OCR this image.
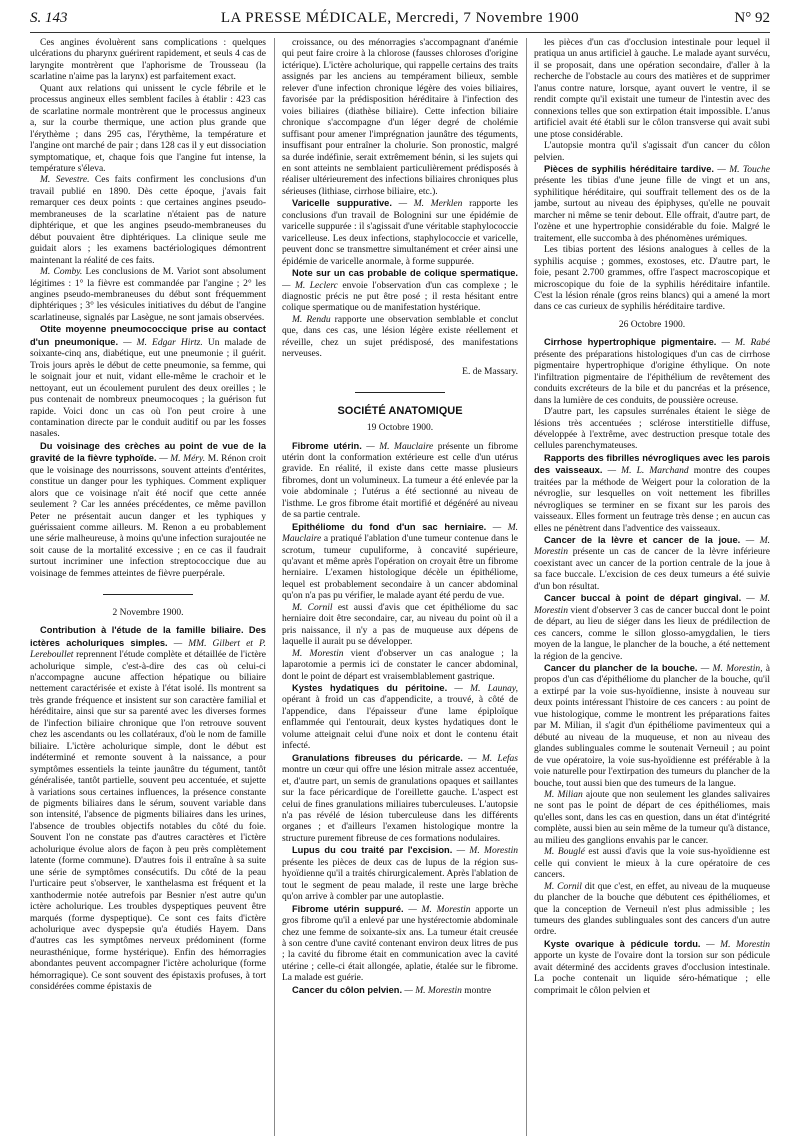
S. 143	LA PRESSE MÉDICALE, Mercredi, 7 Novembre 1900	N° 92

Ces angines évoluèrent sans complications : quelques ulcérations du pharynx guérirent rapidement, et seuls 4 cas de laryngite montrèrent que l'aphorisme de Trousseau (la scarlatine n'aime pas la larynx) est parfaitement exact.

Quant aux relations qui unissent le cycle fébrile et le processus angineux elles semblent faciles à établir : 423 cas de scarlatine normale montrèrent que le processus angineux a, sur la courbe thermique, une action plus grande que l'érythème ; dans 295 cas, l'érythème, la température et l'angine ont marché de pair ; dans 128 cas il y eut dissociation symptomatique, et, chaque fois que l'angine fut intense, la température s'éleva.

M. Sevestre. Ces faits confirment les conclusions d'un travail publié en 1890. Dès cette époque, j'avais fait remarquer ces deux points : que certaines angines pseudo-membraneuses de la scarlatine n'étaient pas de nature diphtérique, et que les angines pseudo-membraneuses du début pouvaient être diphtériques. La clinique seule me guidait alors ; les examens bactériologiques démontrent maintenant la réalité de ces faits.

M. Comby. Les conclusions de M. Variot sont absolument légitimes : 1° la fièvre est commandée par l'angine ; 2° les angines pseudo-membraneuses du début sont fréquemment diphtériques ; 3° les vésicules initiatives du début de l'angine scarlatineuse, signalés par Lasègue, ne sont jamais observées.

Otite moyenne pneumococcique prise au contact d'un pneumonique. — M. Edgar Hirtz. Un malade de soixante-cinq ans, diabétique, eut une pneumonie ; il guérit. Trois jours après le début de cette pneumonie, sa femme, qui le soignait jour et nuit, vidant elle-même le crachoir et le nettoyant, eut un écoulement purulent des deux oreilles ; le pus contenait de nombreux pneumocoques ; la guérison fut rapide. Voici donc un cas où l'on peut croire à une contamination directe par le conduit auditif ou par les fosses nasales.

Du voisinage des crèches au point de vue de la gravité de la fièvre typhoïde. — M. Méry. M. Rénon croit que le voisinage des nourrissons, souvent atteints d'entérites, constitue un danger pour les typhiques. Comment expliquer alors que ce voisinage n'ait été nocif que cette année seulement ? Car les années précédentes, ce même pavillon Peter ne présentait aucun danger et les typhiques y guérissaient comme ailleurs. M. Renon a eu probablement une série malheureuse, à moins qu'une infection surajoutée ne soit cause de la mortalité excessive ; en ce cas il faudrait surtout incriminer une infection streptococcique due au voisinage de femmes atteintes de fièvre puerpérale.

2 Novembre 1900.

Contribution à l'étude de la famille biliaire. Des ictères acholuriques simples. — MM. Gilbert et P. Lereboullet reprennent l'étude complète et détaillée de l'ictère acholurique simple, c'est-à-dire des cas où celui-ci n'accompagne aucune affection hépatique ou biliaire nettement caractérisée et existe à l'état isolé. Ils montrent sa très grande fréquence et insistent sur son caractère familial et héréditaire, ainsi que sur sa parenté avec les diverses formes de l'infection biliaire chronique que l'on retrouve souvent chez les ascendants ou les collatéraux, d'où le nom de famille biliaire. L'ictère acholurique simple, dont le début est indéterminé et remonte souvent à la naissance, a pour symptômes essentiels la teinte jaunâtre du tégument, tantôt généralisée, tantôt partielle, souvent peu accentuée, et sujette à variations sous certaines influences, la présence constante de pigments biliaires dans le sérum, souvent variable dans son intensité, l'absence de pigments biliaires dans les urines, l'absence de troubles objectifs notables du côté du foie. Souvent l'on ne constate pas d'autres caractères et l'ictère acholurique évolue alors de façon à peu près complètement latente (forme commune). D'autres fois il entraîne à sa suite une série de symptômes consécutifs. Du côté de la peau l'urticaire peut s'observer, le xanthelasma est fréquent et la xanthodermie notée autrefois par Besnier n'est autre qu'un ictère acholurique. Les troubles dyspeptiques peuvent être marqués (forme dyspeptique). Ce sont ces faits d'ictère acholurique avec dyspepsie qu'a étudiés Hayem. Dans d'autres cas les symptômes nerveux prédominent (forme neurasthénique, forme hystérique). Enfin des hémorragies abondantes peuvent accompagner l'ictère acholurique (forme hémorragique). Ce sont souvent des épistaxis profuses, à tort considérées comme épistaxis de

croissance, ou des ménorragies s'accompagnant d'anémie qui peut faire croire à la chlorose (fausses chloroses d'origine ictérique). L'ictère acholurique, qui rappelle certains des traits assignés par les anciens au tempérament bilieux, semble relever d'une infection chronique légère des voies biliaires, favorisée par la prédisposition héréditaire à l'infection des voies biliaires (diathèse biliaire). Cette infection biliaire chronique s'accompagne d'un léger degré de cholémie suffisant pour amener l'imprégnation jaunâtre des téguments, insuffisant pour entraîner la cholurie. Son pronostic, malgré sa durée indéfinie, serait extrêmement bénin, si les sujets qui en sont atteints ne semblaient particulièrement prédisposés à réaliser ultérieurement des infections biliaires chroniques plus sérieuses (lithiase, cirrhose biliaire, etc.).

Varicelle suppurative. — M. Merklen rapporte les conclusions d'un travail de Bolognini sur une épidémie de varicelle suppurée : il s'agissait d'une véritable staphylococcie varicelleuse. Les deux infections, staphylococcie et varicelle, peuvent donc se transmettre simultanément et créer ainsi une épidémie de varicelle anormale, à forme suppurée.

Note sur un cas probable de colique spermatique. — M. Leclerc envoie l'observation d'un cas complexe ; le diagnostic précis ne put être posé ; il resta hésitant entre colique spermatique ou de manifestation hystérique.

M. Rendu rapporte une observation semblable et conclut que, dans ces cas, une lésion légère existe réellement et réveille, chez un sujet prédisposé, des manifestations nerveuses.

E. de Massary.

SOCIÉTÉ ANATOMIQUE

19 Octobre 1900.

Fibrome utérin. — M. Mauclaire présente un fibrome utérin dont la conformation extérieure est celle d'un utérus gravide. En réalité, il existe dans cette masse plusieurs fibromes, dont un volumineux. La tumeur a été enlevée par la voie abdominale ; l'utérus a été sectionné au niveau de l'isthme. Le gros fibrome était mortifié et dégénéré au niveau de sa partie centrale.

Epithéliome du fond d'un sac herniaire. — M. Mauclaire a pratiqué l'ablation d'une tumeur contenue dans le scrotum, tumeur cupuliforme, à concavité supérieure, qu'avant et même après l'opération on croyait être un fibrome herniaire. L'examen histologique décèle un épithéliome, lequel est probablement secondaire à un cancer abdominal qu'on n'a pas pu vérifier, le malade ayant été perdu de vue.

M. Cornil est aussi d'avis que cet épithéliome du sac herniaire doit être secondaire, car, au niveau du point où il a pris naissance, il n'y a pas de muqueuse aux dépens de laquelle il aurait pu se développer.

M. Morestin vient d'observer un cas analogue ; la laparotomie a permis ici de constater le cancer abdominal, dont le point de départ est vraisemblablement gastrique.

Kystes hydatiques du péritoine. — M. Launay, opérant à froid un cas d'appendicite, a trouvé, à côté de l'appendice, dans l'épaisseur d'une lame épiploïque enflammée qui l'entourait, deux kystes hydatiques dont le volume atteignait celui d'une noix et dont le contenu était infecté.

Granulations fibreuses du péricarde. — M. Lefas montre un cœur qui offre une lésion mitrale assez accentuée, et, d'autre part, un semis de granulations opaques et saillantes sur la face péricardique de l'oreillette gauche. L'aspect est celui de fines granulations miliaires tuberculeuses. L'autopsie n'a pas révélé de lésion tuberculeuse dans les différents organes ; et d'ailleurs l'examen histologique montre la structure purement fibreuse de ces formations nodulaires.

Lupus du cou traité par l'excision. — M. Morestin présente les pièces de deux cas de lupus de la région sus-hyoïdienne qu'il a traités chirurgicalement. Après l'ablation de tout le segment de peau malade, il reste une large brèche qu'on arrive à combler par une autoplastie.

Fibrome utérin suppuré. — M. Morestin apporte un gros fibrome qu'il a enlevé par une hystérectomie abdominale chez une femme de soixante-six ans. La tumeur était creusée à son centre d'une cavité contenant environ deux litres de pus ; la cavité du fibrome était en communication avec la cavité utérine ; celle-ci était allongée, aplatie, étalée sur le fibrome. La malade est guérie.

Cancer du côlon pelvien. — M. Morestin montre

les pièces d'un cas d'occlusion intestinale pour lequel il pratiqua un anus artificiel à gauche. Le malade ayant survécu, il se proposait, dans une opération secondaire, d'aller à la recherche de l'obstacle au cours des matières et de supprimer l'anus contre nature, lorsque, ayant ouvert le ventre, il se rendit compte qu'il existait une tumeur de l'intestin avec des connexions telles que son extirpation était impossible. L'anus artificiel avait été établi sur le côlon transverse qui avait subi une ptose considérable.

L'autopsie montra qu'il s'agissait d'un cancer du côlon pelvien.

Pièces de syphilis héréditaire tardive. — M. Touche présente les tibias d'une jeune fille de vingt et un ans, syphilitique héréditaire, qui souffrait tellement des os de la jambe, surtout au niveau des épiphyses, qu'elle ne pouvait marcher ni même se tenir debout. Elle offrait, d'autre part, de l'ozène et une hypertrophie considérable du foie. Malgré le traitement, elle succomba à des phénomènes urémiques.

Les tibias portent des lésions analogues à celles de la syphilis acquise ; gommes, exostoses, etc. D'autre part, le foie, pesant 2.700 grammes, offre l'aspect macroscopique et microscopique du foie de la syphilis héréditaire infantile. C'est la lésion rénale (gros reins blancs) qui a amené la mort dans ce cas curieux de syphilis héréditaire tardive.

26 Octobre 1900.

Cirrhose hypertrophique pigmentaire. — M. Rabé présente des préparations histologiques d'un cas de cirrhose pigmentaire hypertrophique d'origine éthylique. On note l'infiltration pigmentaire de l'épithélium de revêtement des conduits excréteurs de la bile et du pancréas et la présence, dans la lumière de ces conduits, de poussière ocreuse.

D'autre part, les capsules surrénales étaient le siège de lésions très accentuées ; sclérose interstitielle diffuse, développée à l'extrême, avec destruction presque totale des cellules parenchymateuses.

Rapports des fibrilles névrogliques avec les parois des vaisseaux. — M. L. Marchand montre des coupes traitées par la méthode de Weigert pour la coloration de la névroglie, sur lesquelles on voit nettement les fibrilles névrogliques se terminer en se fixant sur les parois des vaisseaux. Elles forment un feutrage très dense ; en aucun cas elles ne pénètrent dans l'adventice des vaisseaux.

Cancer de la lèvre et cancer de la joue. — M. Morestin présente un cas de cancer de la lèvre inférieure coexistant avec un cancer de la portion centrale de la joue à sa face buccale. L'excision de ces deux tumeurs a été suivie d'un bon résultat.

Cancer buccal à point de départ gingival. — M. Morestin vient d'observer 3 cas de cancer buccal dont le point de départ, au lieu de siéger dans les lieux de prédilection de ces cancers, comme le sillon glosso-amygdalien, le tiers moyen de la langue, le plancher de la bouche, a été nettement la région de la gencive.

Cancer du plancher de la bouche. — M. Morestin, à propos d'un cas d'épithéliome du plancher de la bouche, qu'il a extirpé par la voie sus-hyoïdienne, insiste à nouveau sur deux points intéressant l'histoire de ces cancers : au point de vue histologique, comme le montrent les préparations faites par M. Milian, il s'agit d'un épithéliome pavimenteux qui a débuté au niveau de la muqueuse, et non au niveau des glandes sublinguales comme le soutenait Verneuil ; au point de vue opératoire, la voie sus-hyoïdienne est préférable à la voie naturelle pour l'extirpation des tumeurs du plancher de la bouche, tout aussi bien que des tumeurs de la langue.

M. Milian ajoute que non seulement les glandes salivaires ne sont pas le point de départ de ces épithéliomes, mais qu'elles sont, dans les cas en question, dans un état d'intégrité complète, aussi bien au sein même de la tumeur qu'à distance, au milieu des ganglions envahis par le cancer.

M. Bouglé est aussi d'avis que la voie sus-hyoïdienne est celle qui convient le mieux à la cure opératoire de ces cancers.

M. Cornil dit que c'est, en effet, au niveau de la muqueuse du plancher de la bouche que débutent ces épithéliomes, et que la conception de Verneuil n'est plus admissible ; les tumeurs des glandes sublinguales sont des cancers d'un autre ordre.

Kyste ovarique à pédicule tordu. — M. Morestin apporte un kyste de l'ovaire dont la torsion sur son pédicule avait déterminé des accidents graves d'occlusion intestinale. La poche contenait un liquide séro-hématique ; elle comprimait le côlon pelvien et
